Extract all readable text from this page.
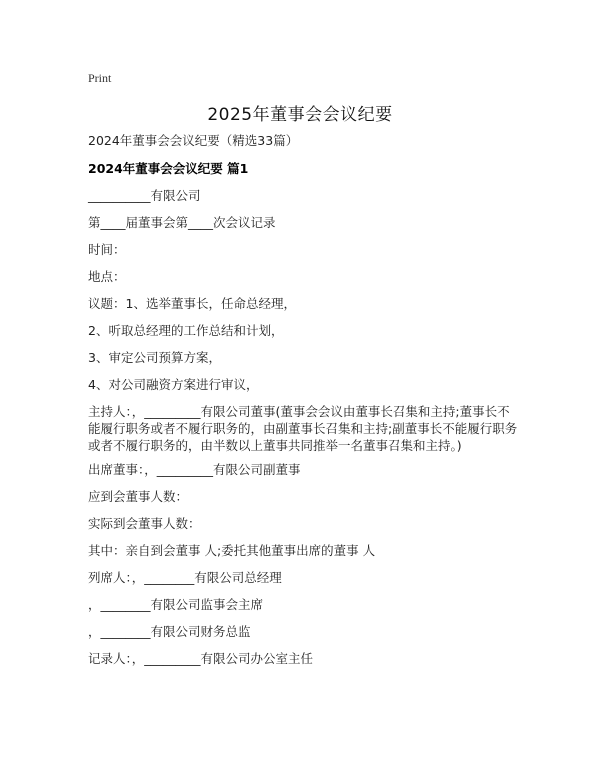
Print
2025年董事会会议纪要
2024年董事会会议纪要（精选33篇）
2024年董事会会议纪要 篇1
__________有限公司
第____届董事会第____次会议记录
时间：
地点：
议题：1、选举董事长，任命总经理，
2、听取总经理的工作总结和计划，
3、审定公司预算方案，
4、对公司融资方案进行审议，
主持人：，_________有限公司董事(董事会会议由董事长召集和主持;董事长不能履行职务或者不履行职务的，由副董事长召集和主持;副董事长不能履行职务或者不履行职务的，由半数以上董事共同推举一名董事召集和主持。)
出席董事：，_________有限公司副董事
应到会董事人数：
实际到会董事人数：
其中：亲自到会董事 人;委托其他董事出席的董事 人
列席人：，________有限公司总经理
，________有限公司监事会主席
，________有限公司财务总监
记录人：，_________有限公司办公室主任
